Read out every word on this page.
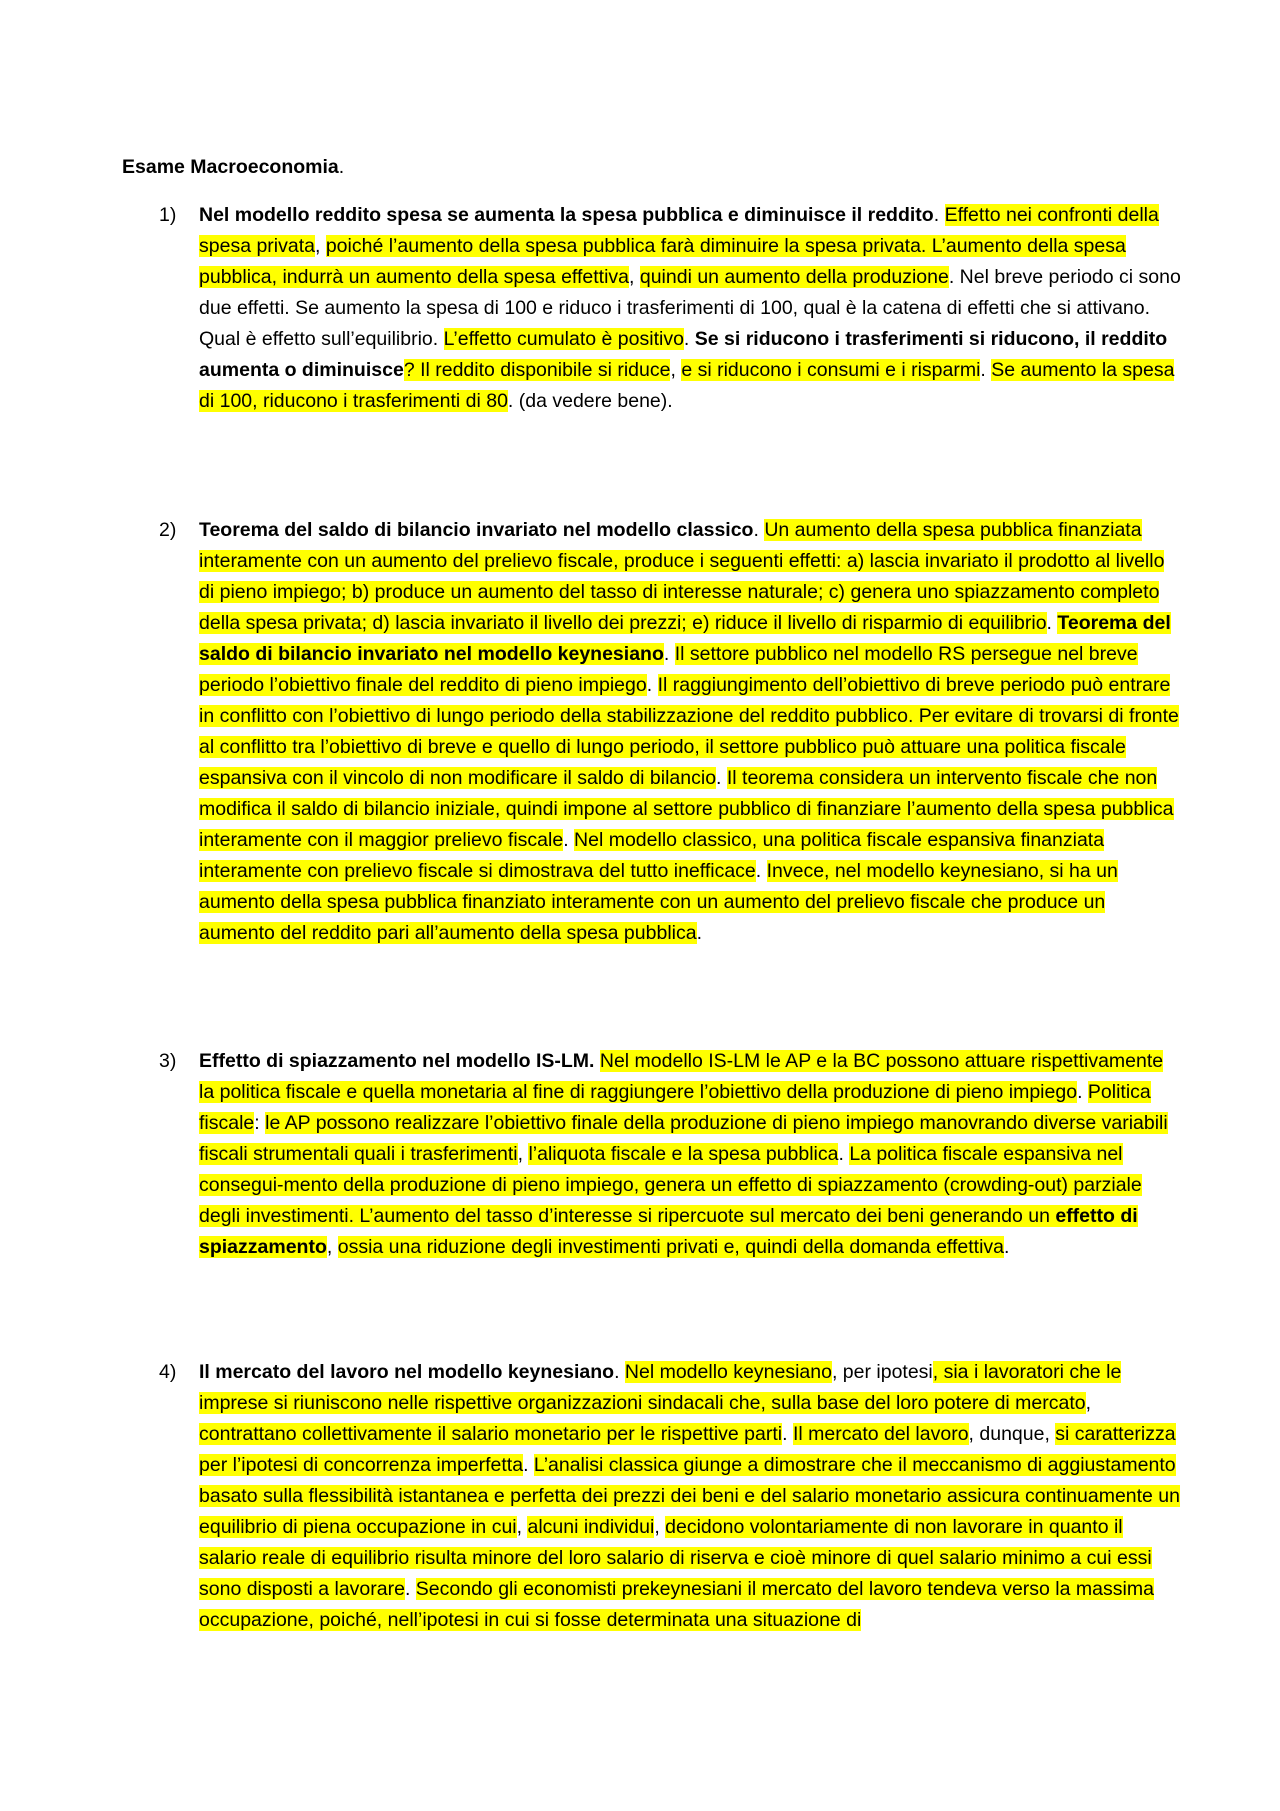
Esame Macroeconomia.
1) Nel modello reddito spesa se aumenta la spesa pubblica e diminuisce il reddito. Effetto nei confronti della spesa privata, poiché l’aumento della spesa pubblica farà diminuire la spesa privata. L’aumento della spesa pubblica, indurrà un aumento della spesa effettiva, quindi un aumento della produzione. Nel breve periodo ci sono due effetti. Se aumento la spesa di 100 e riduco i trasferimenti di 100, qual è la catena di effetti che si attivano. Qual è effetto sull’equilibrio. L’effetto cumulato è positivo. Se si riducono i trasferimenti si riducono, il reddito aumenta o diminuisce? Il reddito disponibile si riduce, e si riducono i consumi e i risparmi. Se aumento la spesa di 100, riducono i trasferimenti di 80. (da vedere bene).

2) Teorema del saldo di bilancio invariato nel modello classico. Un aumento della spesa pubblica finanziata interamente con un aumento del prelievo fiscale, produce i seguenti effetti: a) lascia invariato il prodotto al livello di pieno impiego; b) produce un aumento del tasso di interesse naturale; c) genera uno spiazzamento completo della spesa privata; d) lascia invariato il livello dei prezzi; e) riduce il livello di risparmio di equilibrio. Teorema del saldo di bilancio invariato nel modello keynesiano. Il settore pubblico nel modello RS persegue nel breve periodo l’obiettivo finale del reddito di pieno impiego. Il raggiungimento dell’obiettivo di breve periodo può entrare in conflitto con l’obiettivo di lungo periodo della stabilizzazione del reddito pubblico. Per evitare di trovarsi di fronte al conflitto tra l’obiettivo di breve e quello di lungo periodo, il settore pubblico può attuare una politica fiscale espansiva con il vincolo di non modificare il saldo di bilancio. Il teorema considera un intervento fiscale che non modifica il saldo di bilancio iniziale, quindi impone al settore pubblico di finanziare l’aumento della spesa pubblica interamente con il maggior prelievo fiscale. Nel modello classico, una politica fiscale espansiva finanziata interamente con prelievo fiscale si dimostrava del tutto inefficace. Invece, nel modello keynesiano, si ha un aumento della spesa pubblica finanziato interamente con un aumento del prelievo fiscale che produce un aumento del reddito pari all’aumento della spesa pubblica.

3) Effetto di spiazzamento nel modello IS-LM. Nel modello IS-LM le AP e la BC possono attuare rispettivamente la politica fiscale e quella monetaria al fine di raggiungere l’obiettivo della produzione di pieno impiego. Politica fiscale: le AP possono realizzare l’obiettivo finale della produzione di pieno impiego manovrando diverse variabili fiscali strumentali quali i trasferimenti, l’aliquota fiscale e la spesa pubblica. La politica fiscale espansiva nel consegui-mento della produzione di pieno impiego, genera un effetto di spiazzamento (crowding-out) parziale degli investimenti. L’aumento del tasso d’interesse si ripercuote sul mercato dei beni generando un effetto di spiazzamento, ossia una riduzione degli investimenti privati e, quindi della domanda effettiva.

4) Il mercato del lavoro nel modello keynesiano. Nel modello keynesiano, per ipotesi, sia i lavoratori che le imprese si riuniscono nelle rispettive organizzazioni sindacali che, sulla base del loro potere di mercato, contrattano collettivamente il salario monetario per le rispettive parti. Il mercato del lavoro, dunque, si caratterizza per l’ipotesi di concorrenza imperfetta. L’analisi classica giunge a dimostrare che il meccanismo di aggiustamento basato sulla flessibilità istantanea e perfetta dei prezzi dei beni e del salario monetario assicura continuamente un equilibrio di piena occupazione in cui, alcuni individui, decidono volontariamente di non lavorare in quanto il salario reale di equilibrio risulta minore del loro salario di riserva e cioè minore di quel salario minimo a cui essi sono disposti a lavorare. Secondo gli economisti prekeynesiani il mercato del lavoro tendeva verso la massima occupazione, poiché, nell’ipotesi in cui si fosse determinata una situazione di
